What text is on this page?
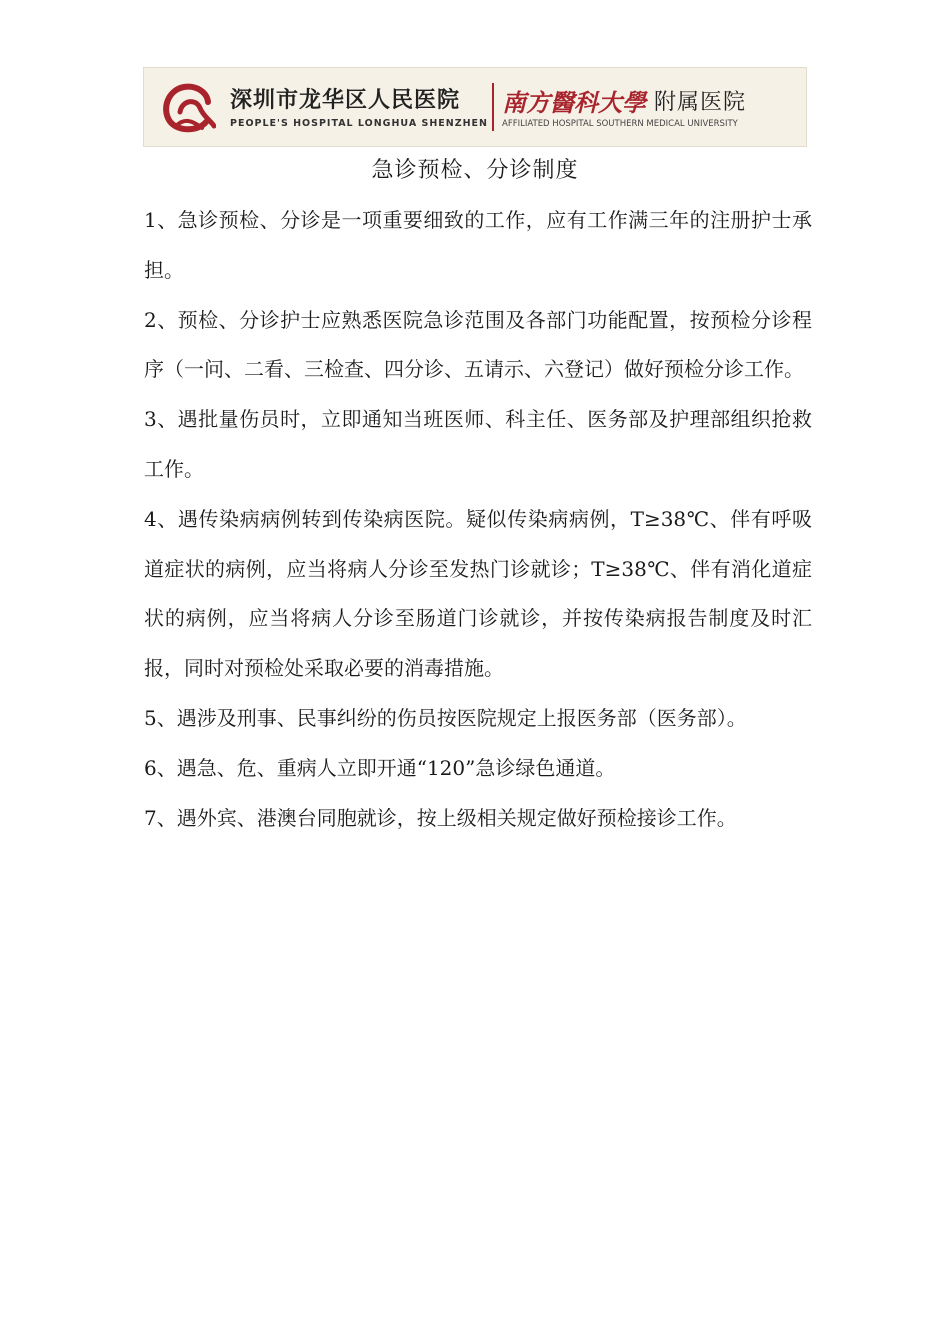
深圳市龙华区人民医院
PEOPLE'S HOSPITAL LONGHUA SHENZHEN
南方醫科大學 附属医院
AFFILIATED HOSPITAL SOUTHERN MEDICAL UNIVERSITY
急诊预检、分诊制度

1、急诊预检、分诊是一项重要细致的工作，应有工作满三年的注册护士承担。

2、预检、分诊护士应熟悉医院急诊范围及各部门功能配置，按预检分诊程序（一问、二看、三检查、四分诊、五请示、六登记）做好预检分诊工作。

3、遇批量伤员时，立即通知当班医师、科主任、医务部及护理部组织抢救工作。

4、遇传染病病例转到传染病医院。疑似传染病病例，T≥38℃、伴有呼吸道症状的病例，应当将病人分诊至发热门诊就诊；T≥38℃、伴有消化道症状的病例，应当将病人分诊至肠道门诊就诊，并按传染病报告制度及时汇报，同时对预检处采取必要的消毒措施。

5、遇涉及刑事、民事纠纷的伤员按医院规定上报医务部（医务部）。

6、遇急、危、重病人立即开通“120”急诊绿色通道。

7、遇外宾、港澳台同胞就诊，按上级相关规定做好预检接诊工作。
